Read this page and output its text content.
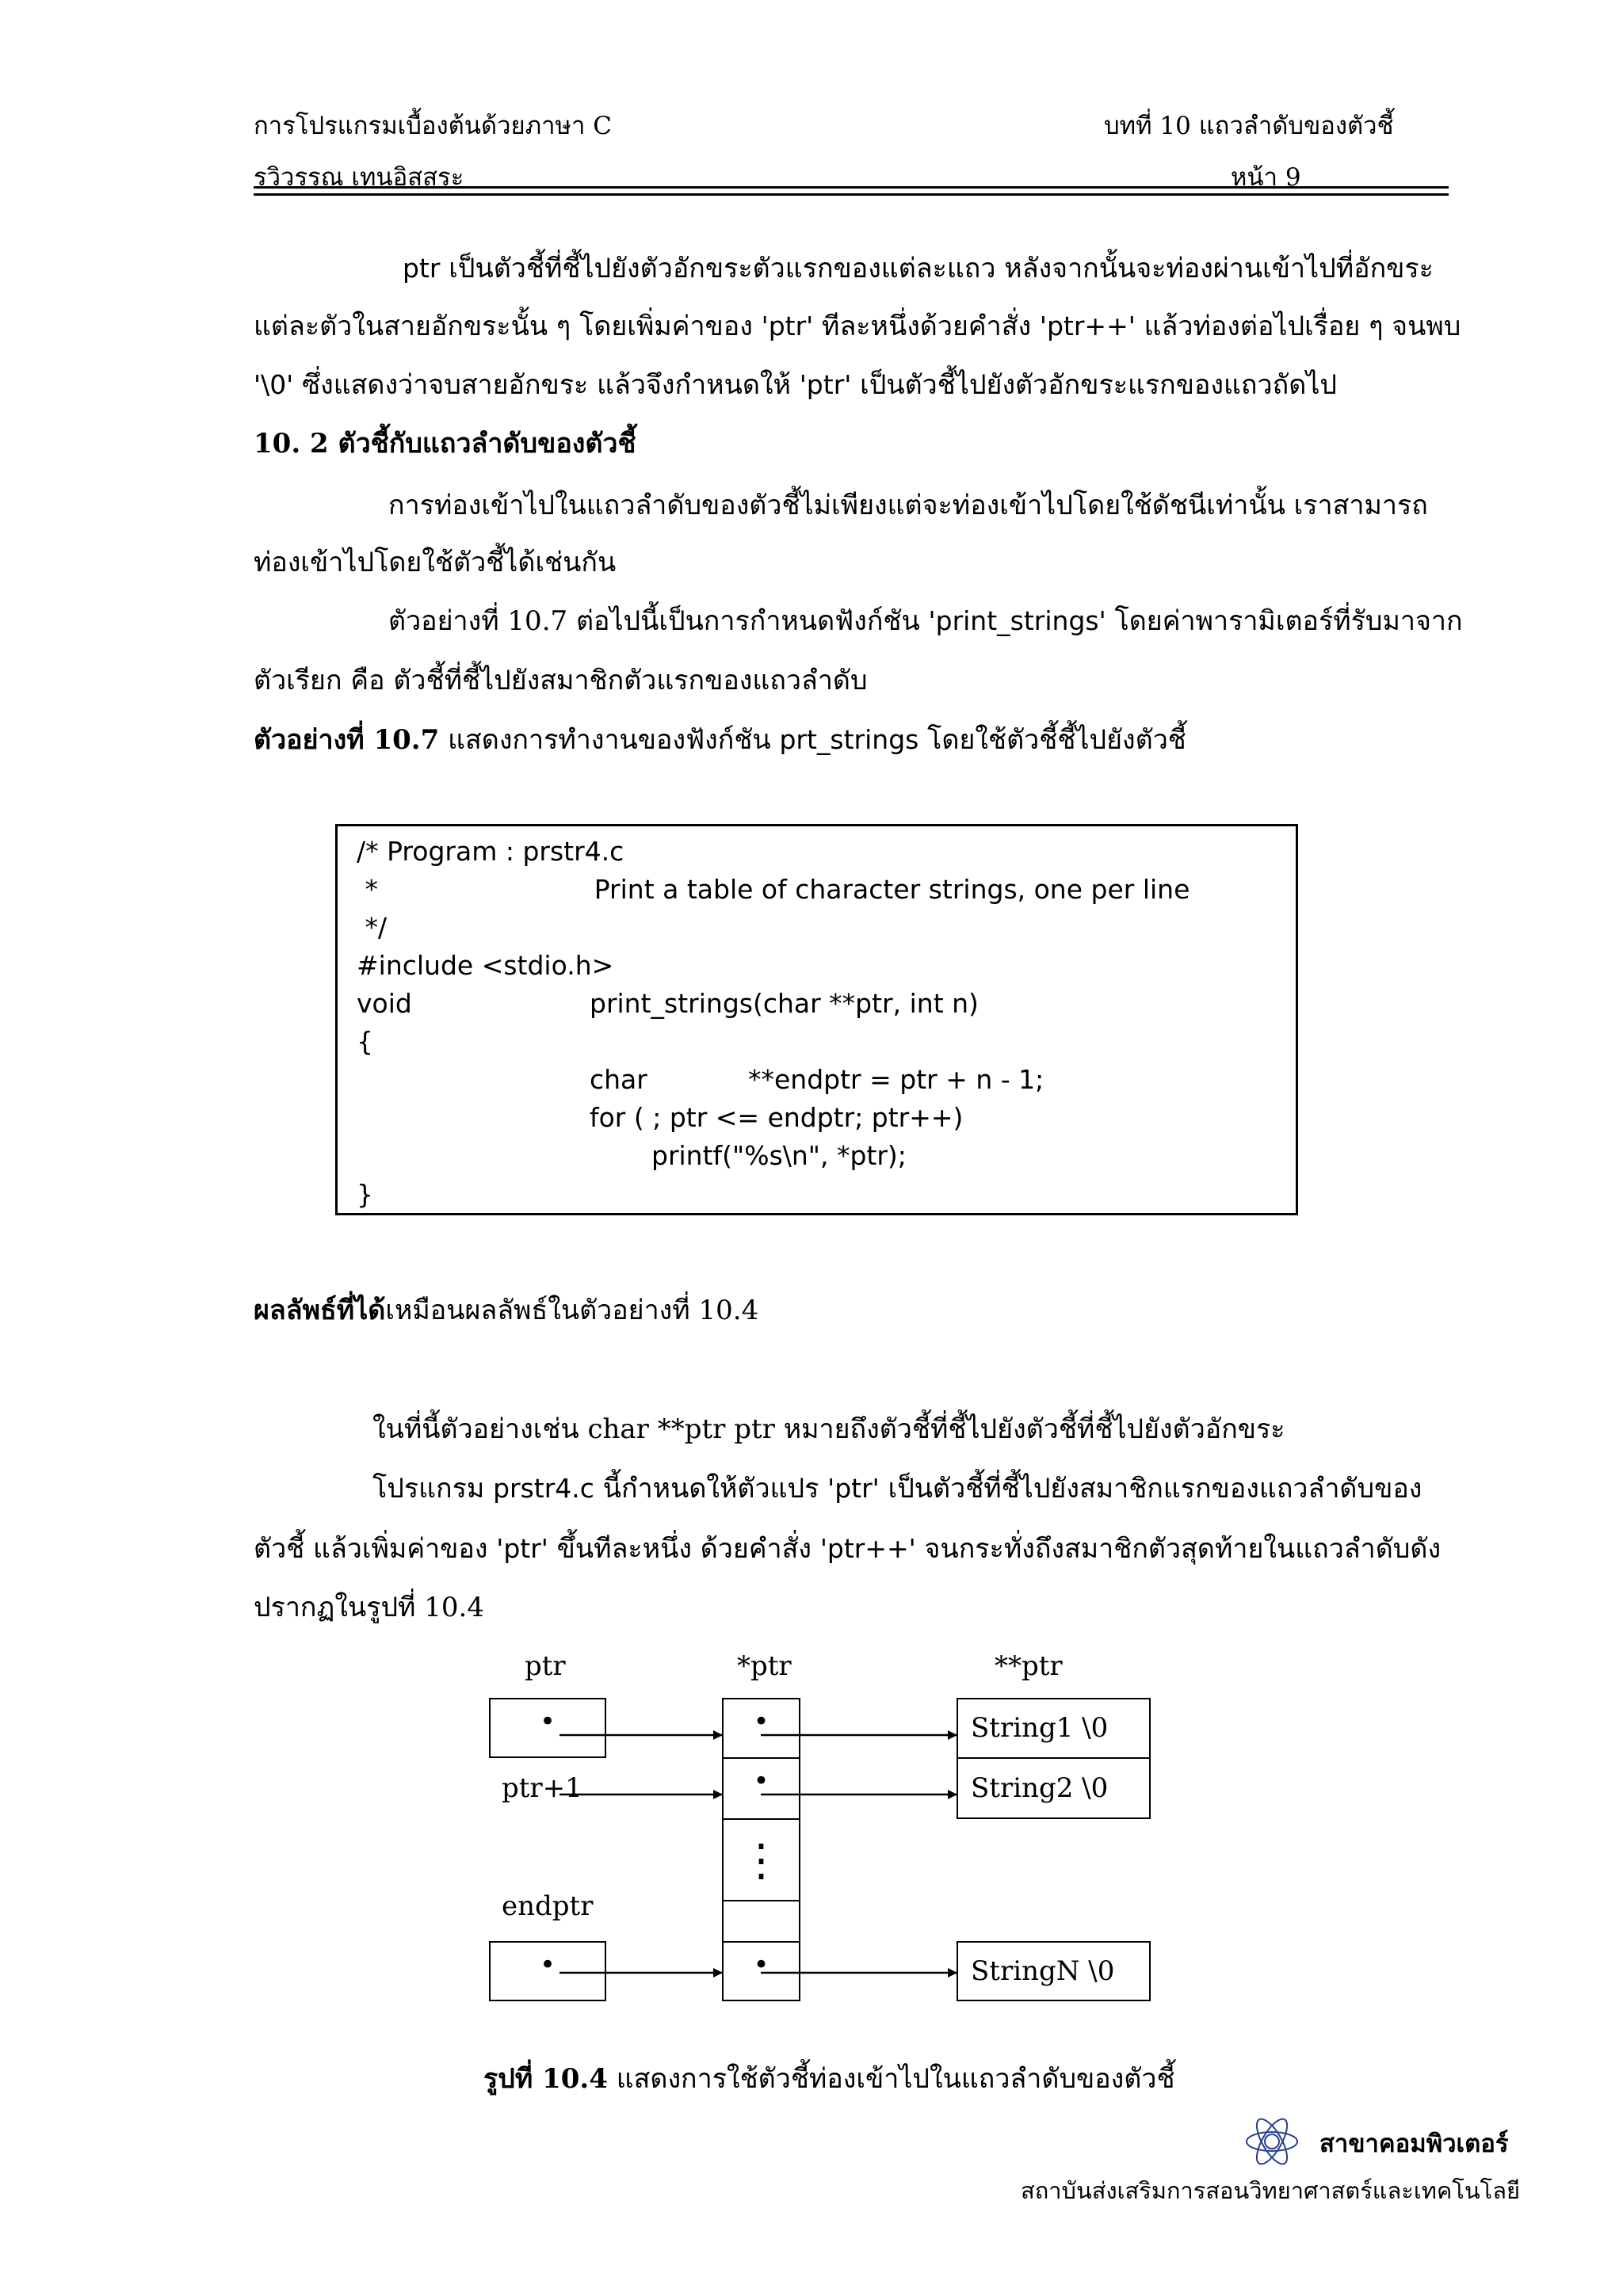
การโปรแกรมเบื้องต้นด้วยภาษา C	บทที่ 10 แถวลำดับของตัวชี้
รวิวรรณ เทนอิสสระ	หน้า 9
ptr เป็นตัวชี้ที่ชี้ไปยังตัวอักขระตัวแรกของแต่ละแถว หลังจากนั้นจะท่องผ่านเข้าไปที่อักขระ
แต่ละตัวในสายอักขระนั้น ๆ โดยเพิ่มค่าของ 'ptr' ทีละหนึ่งด้วยคำสั่ง 'ptr++' แล้วท่องต่อไปเรื่อย ๆ จนพบ
'\0' ซึ่งแสดงว่าจบสายอักขระ แล้วจึงกำหนดให้ 'ptr' เป็นตัวชี้ไปยังตัวอักขระแรกของแถวถัดไป
10. 2 ตัวชี้กับแถวลำดับของตัวชี้
การท่องเข้าไปในแถวลำดับของตัวชี้ไม่เพียงแต่จะท่องเข้าไปโดยใช้ดัชนีเท่านั้น เราสามารถ
ท่องเข้าไปโดยใช้ตัวชี้ได้เช่นกัน
ตัวอย่างที่ 10.7 ต่อไปนี้เป็นการกำหนดฟังก์ชัน 'print_strings' โดยค่าพารามิเตอร์ที่รับมาจาก
ตัวเรียก คือ ตัวชี้ที่ชี้ไปยังสมาชิกตัวแรกของแถวลำดับ
ตัวอย่างที่ 10.7 แสดงการทำงานของฟังก์ชัน prt_strings โดยใช้ตัวชี้ชี้ไปยังตัวชี้
/* Program : prstr4.c
*                          Print a table of character strings, one per line
*/
#include <stdio.h>
void	print_strings(char **ptr, int n)
{
char	**endptr = ptr + n - 1;
for ( ; ptr <= endptr; ptr++)
printf("%s\n", *ptr);
}
ผลลัพธ์ที่ได้เหมือนผลลัพธ์ในตัวอย่างที่ 10.4
ในที่นี้ตัวอย่างเช่น char **ptr ptr หมายถึงตัวชี้ที่ชี้ไปยังตัวชี้ที่ชี้ไปยังตัวอักขระ
โปรแกรม prstr4.c นี้กำหนดให้ตัวแปร 'ptr' เป็นตัวชี้ที่ชี้ไปยังสมาชิกแรกของแถวลำดับของ
ตัวชี้ แล้วเพิ่มค่าของ 'ptr' ขึ้นทีละหนึ่ง ด้วยคำสั่ง 'ptr++' จนกระทั่งถึงสมาชิกตัวสุดท้ายในแถวลำดับดัง
ปรากฏในรูปที่ 10.4
ptr	*ptr	**ptr
ptr+1
endptr
•
•
•
•
⋮
•
String1 \0
String2 \0
StringN \0
รูปที่ 10.4 แสดงการใช้ตัวชี้ท่องเข้าไปในแถวลำดับของตัวชี้
สาขาคอมพิวเตอร์
สถาบันส่งเสริมการสอนวิทยาศาสตร์และเทคโนโลยี
